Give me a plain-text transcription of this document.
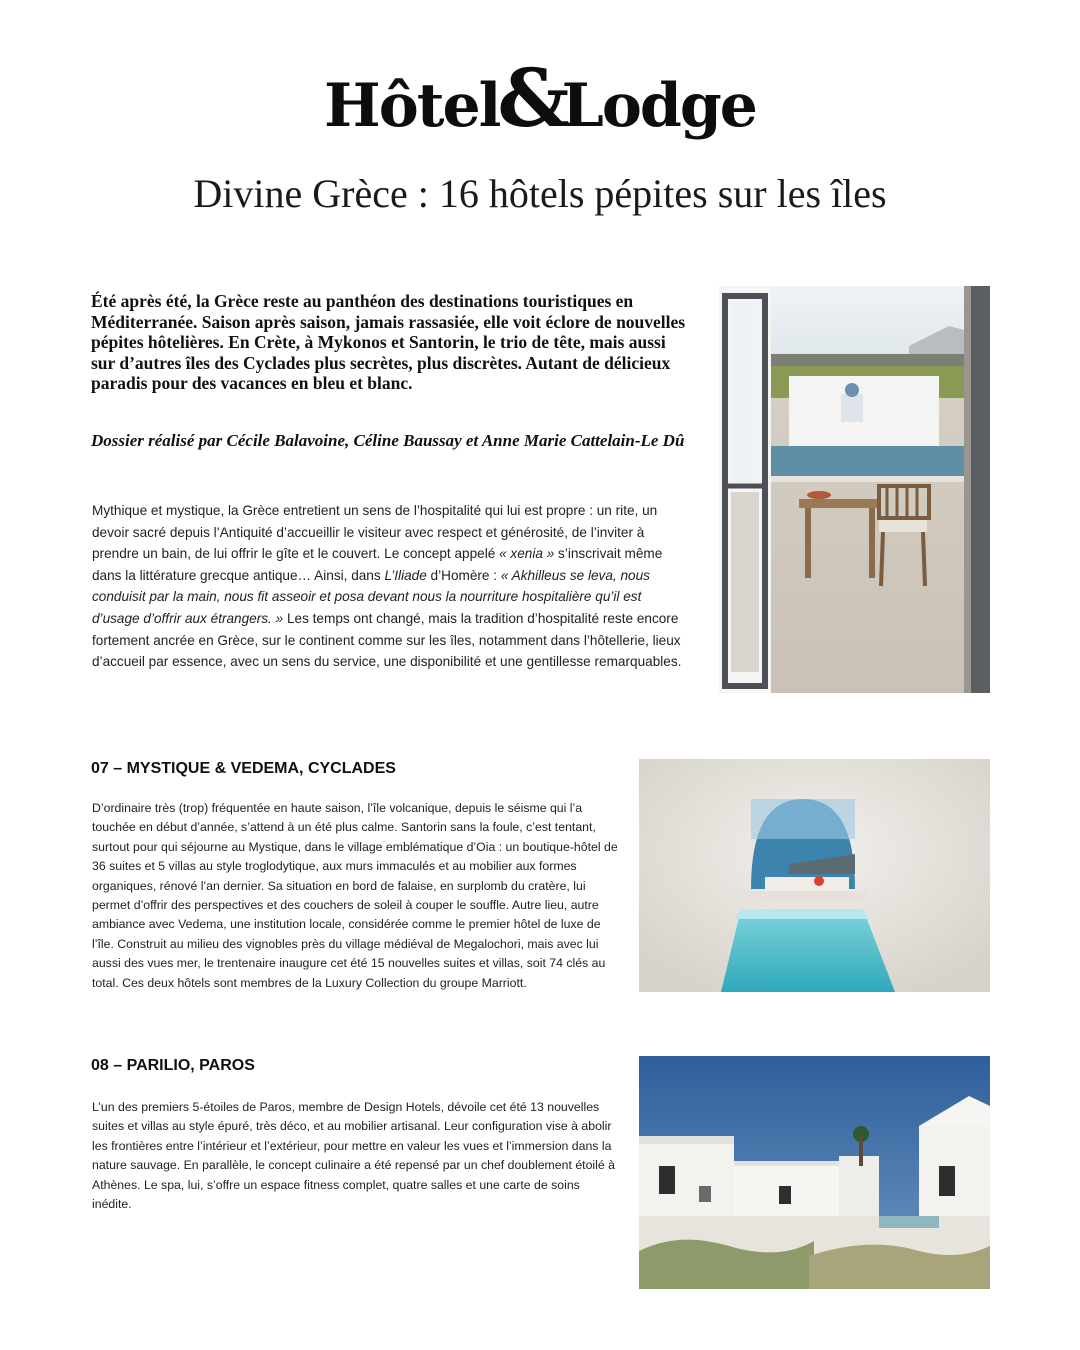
Hôtel&Lodge
Divine Grèce : 16 hôtels pépites sur les îles
Été après été, la Grèce reste au panthéon des destinations touristiques en Méditerranée. Saison après saison, jamais rassasiée, elle voit éclore de nouvelles pépites hôtelières. En Crète, à Mykonos et Santorin, le trio de tête, mais aussi sur d’autres îles des Cyclades plus secrètes, plus discrètes. Autant de délicieux paradis pour des vacances en bleu et blanc.
Dossier réalisé par Cécile Balavoine, Céline Baussay et Anne Marie Cattelain-Le Dû
Mythique et mystique, la Grèce entretient un sens de l’hospitalité qui lui est propre : un rite, un devoir sacré depuis l’Antiquité d’accueillir le visiteur avec respect et générosité, de l’inviter à prendre un bain, de lui offrir le gîte et le couvert. Le concept appelé « xenia » s’inscrivait même dans la littérature grecque antique… Ainsi, dans L’Iliade d’Homère : « Akhilleus se leva, nous conduisit par la main, nous fit asseoir et posa devant nous la nourriture hospitalière qu’il est d’usage d’offrir aux étrangers. » Les temps ont changé, mais la tradition d’hospitalité reste encore fortement ancrée en Grèce, sur le continent comme sur les îles, notamment dans l’hôtellerie, lieux d’accueil par essence, avec un sens du service, une disponibilité et une gentillesse remarquables.
07 – MYSTIQUE & VEDEMA, CYCLADES
D’ordinaire très (trop) fréquentée en haute saison, l’île volcanique, depuis le séisme qui l’a touchée en début d’année, s’attend à un été plus calme. Santorin sans la foule, c’est tentant, surtout pour qui séjourne au Mystique, dans le village emblématique d’Oia : un boutique-hôtel de 36 suites et 5 villas au style troglodytique, aux murs immaculés et au mobilier aux formes organiques, rénové l’an dernier. Sa situation en bord de falaise, en surplomb du cratère, lui permet d’offrir des perspectives et des couchers de soleil à couper le souffle. Autre lieu, autre ambiance avec Vedema, une institution locale, considérée comme le premier hôtel de luxe de l’île. Construit au milieu des vignobles près du village médiéval de Megalochori, mais avec lui aussi des vues mer, le trentenaire inaugure cet été 15 nouvelles suites et villas, soit 74 clés au total. Ces deux hôtels sont membres de la Luxury Collection du groupe Marriott.
08 – PARILIO, PAROS
L’un des premiers 5-étoiles de Paros, membre de Design Hotels, dévoile cet été 13 nouvelles suites et villas au style épuré, très déco, et au mobilier artisanal. Leur configuration vise à abolir les frontières entre l’intérieur et l’extérieur, pour mettre en valeur les vues et l’immersion dans la nature sauvage. En parallèle, le concept culinaire a été repensé par un chef doublement étoilé à Athènes. Le spa, lui, s’offre un espace fitness complet, quatre salles et une carte de soins inédite.
